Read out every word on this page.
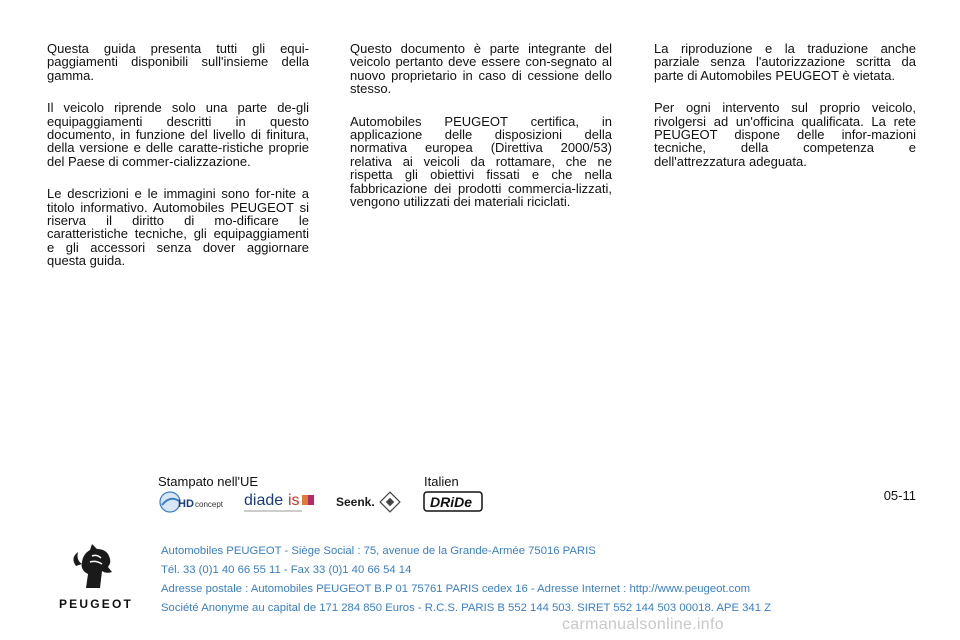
Questa guida presenta tutti gli equi-paggiamenti disponibili sull'insieme della gamma.

Il veicolo riprende solo una parte de-gli equipaggiamenti descritti in questo documento, in funzione del livello di finitura, della versione e delle caratte-ristiche proprie del Paese di commer-cializzazione.

Le descrizioni e le immagini sono for-nite a titolo informativo. Automobiles PEUGEOT si riserva il diritto di mo-dificare le caratteristiche tecniche, gli equipaggiamenti e gli accessori senza dover aggiornare questa guida.

Questo documento è parte integrante del veicolo pertanto deve essere con-segnato al nuovo proprietario in caso di cessione dello stesso.

Automobiles PEUGEOT certifica, in applicazione delle disposizioni della normativa europea (Direttiva 2000/53) relativa ai veicoli da rottamare, che ne rispetta gli obiettivi fissati e che nella fabbricazione dei prodotti commercia-lizzati, vengono utilizzati dei materiali riciclati.

La riproduzione e la traduzione anche parziale senza l'autorizzazione scritta da parte di Automobiles PEUGEOT è vietata.

Per ogni intervento sul proprio veicolo, rivolgersi ad un'officina qualificata. La rete PEUGEOT dispone delle infor-mazioni tecniche, della competenza e dell'attrezzatura adeguata.

Stampato nell'UE	Italien
05-11
HD concept diade is	Seenk.	DRiDe
PEUGEOT
Automobiles PEUGEOT - Siège Social : 75, avenue de la Grande-Armée 75016 PARIS
Tél. 33 (0)1 40 66 55 11 - Fax 33 (0)1 40 66 54 14
Adresse postale : Automobiles PEUGEOT B.P 01 75761 PARIS cedex 16 - Adresse Internet : http://www.peugeot.com
Société Anonyme au capital de 171 284 850 Euros - R.C.S. PARIS B 552 144 503. SIRET 552 144 503 00018. APE 341 Z
carmanualsonline.info
